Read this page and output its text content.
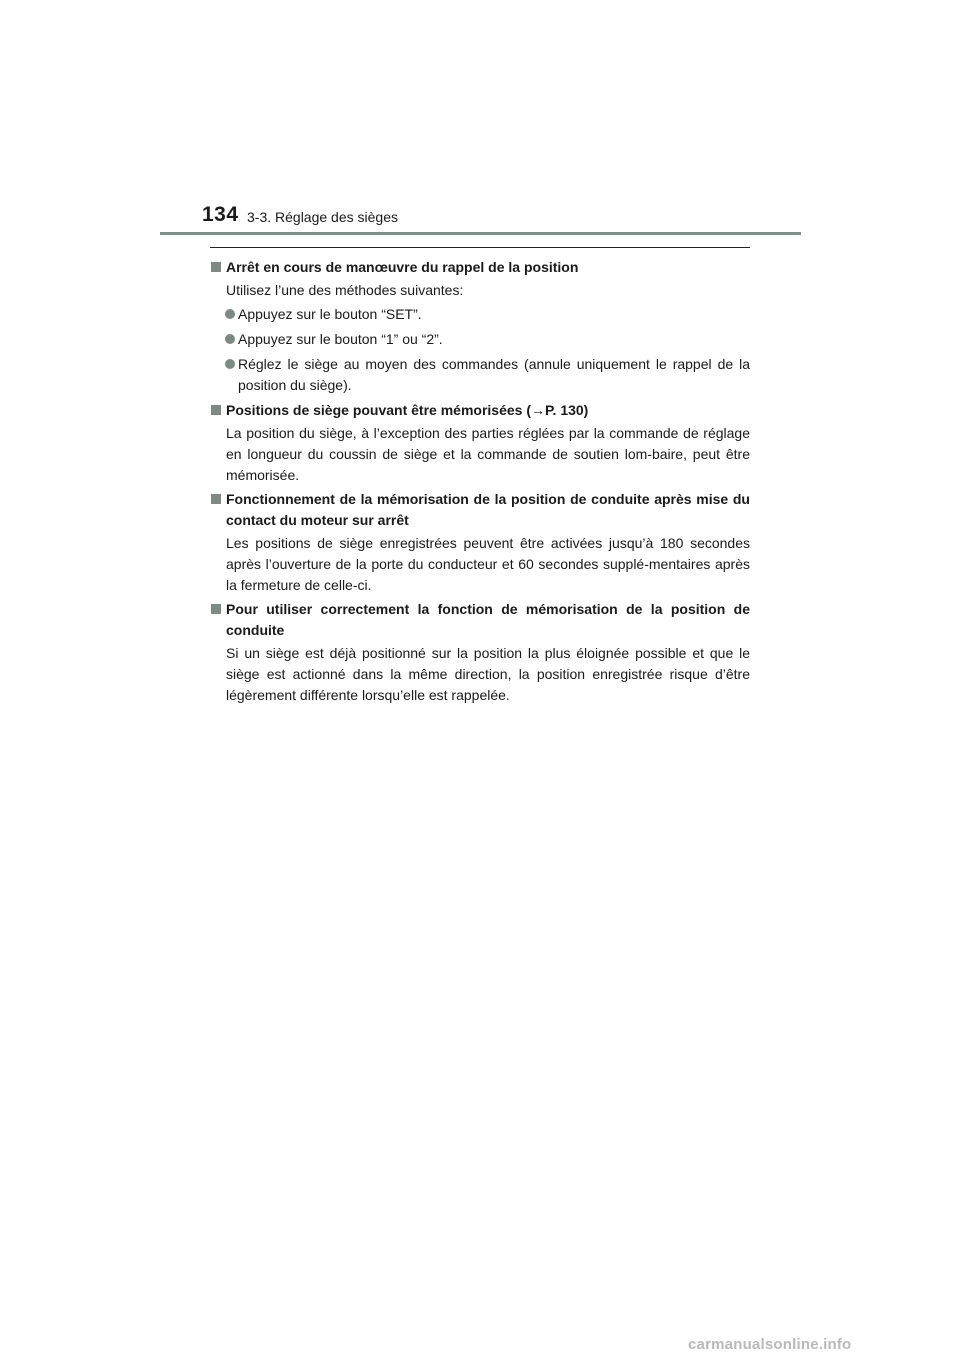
134 3-3. Réglage des sièges
Arrêt en cours de manœuvre du rappel de la position
Utilisez l’une des méthodes suivantes:
Appuyez sur le bouton “SET”.
Appuyez sur le bouton “1” ou “2”.
Réglez le siège au moyen des commandes (annule uniquement le rappel de la position du siège).
Positions de siège pouvant être mémorisées (→P. 130)
La position du siège, à l’exception des parties réglées par la commande de réglage en longueur du coussin de siège et la commande de soutien lom-baire, peut être mémorisée.
Fonctionnement de la mémorisation de la position de conduite après mise du contact du moteur sur arrêt
Les positions de siège enregistrées peuvent être activées jusqu’à 180 secondes après l’ouverture de la porte du conducteur et 60 secondes supplé-mentaires après la fermeture de celle-ci.
Pour utiliser correctement la fonction de mémorisation de la position de conduite
Si un siège est déjà positionné sur la position la plus éloignée possible et que le siège est actionné dans la même direction, la position enregistrée risque d’être légèrement différente lorsqu’elle est rappelée.
carmanualsonline.info
